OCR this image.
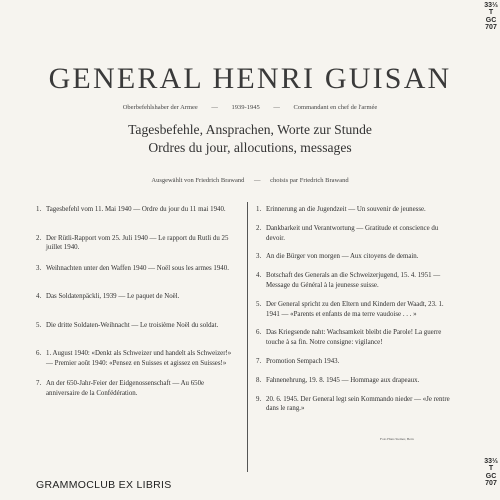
33⅓ T
GC
707
GENERAL HENRI GUISAN
Oberbefehlshaber der Armee — 1939-1945 — Commandant en chef de l'armée
Tagesbefehle, Ansprachen, Worte zur Stunde
Ordres du jour, allocutions, messages
Ausgewählt von Friedrich Brawand — choisis par Friedrich Brawand
1. Tagesbefehl vom 11. Mai 1940 — Ordre du jour du 11 mai 1940.
2. Der Rütli-Rapport vom 25. Juli 1940 — Le rapport du Rutli du 25 juillet 1940.
3. Weihnachten unter den Waffen 1940 — Noël sous les armes 1940.
4. Das Soldatenpäckli, 1939 — Le paquet de Noël.
5. Die dritte Soldaten-Weihnacht — Le troisième Noël du soldat.
6. 1. August 1940: «Denkt als Schweizer und handelt als Schweizer!» — Premier août 1940: «Pensez en Suisses et agissez en Suisses!»
7. An der 650-Jahr-Feier der Eidgenossenschaft — Au 650e anniversaire de la Confédération.
1. Erinnerung an die Jugendzeit — Un souvenir de jeunesse.
2. Dankbarkeit und Verantwortung — Gratitude et conscience du devoir.
3. An die Bürger von morgen — Aux citoyens de demain.
4. Botschaft des Generals an die Schweizerjugend, 15. 4. 1951 — Message du Général à la jeunesse suisse.
5. Der General spricht zu den Eltern und Kindern der Waadt, 23. 1. 1941 — «Parents et enfants de ma terre vaudoise . . . »
6. Das Kriegsende naht: Wachsamkeit bleibt die Parole! La guerre touche à sa fin. Notre consigne: vigilance!
7. Promotion Sempach 1943.
8. Fahnenehrung, 19. 8. 1945 — Hommage aux drapeaux.
9. 20. 6. 1945. Der General legt sein Kommando nieder — «Je rentre dans le rang.»
Foto Hans Steiner, Bern
33⅓ T
GC
707
GRAMMOCLUB EX LIBRIS
